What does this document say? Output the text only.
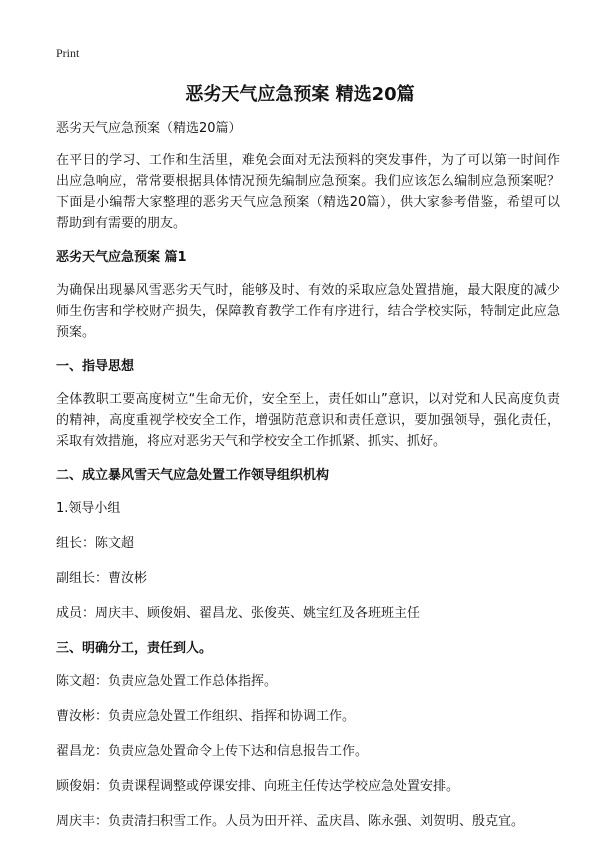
Print
恶劣天气应急预案 精选20篇

恶劣天气应急预案（精选20篇）

在平日的学习、工作和生活里，难免会面对无法预料的突发事件，为了可以第一时间作出应急响应，常常要根据具体情况预先编制应急预案。我们应该怎么编制应急预案呢？下面是小编帮大家整理的恶劣天气应急预案（精选20篇），供大家参考借鉴，希望可以帮助到有需要的朋友。

恶劣天气应急预案 篇1

为确保出现暴风雪恶劣天气时，能够及时、有效的采取应急处置措施，最大限度的减少师生伤害和学校财产损失，保障教育教学工作有序进行，结合学校实际，特制定此应急预案。

一、指导思想

全体教职工要高度树立“生命无价，安全至上，责任如山”意识，以对党和人民高度负责的精神，高度重视学校安全工作，增强防范意识和责任意识，要加强领导，强化责任，采取有效措施，将应对恶劣天气和学校安全工作抓紧、抓实、抓好。

二、成立暴风雪天气应急处置工作领导组织机构

1.领导小组

组长：陈文超

副组长：曹汝彬

成员：周庆丰、顾俊娟、翟昌龙、张俊英、姚宝红及各班班主任

三、明确分工，责任到人。

陈文超：负责应急处置工作总体指挥。

曹汝彬：负责应急处置工作组织、指挥和协调工作。

翟昌龙：负责应急处置命令上传下达和信息报告工作。

顾俊娟：负责课程调整或停课安排、向班主任传达学校应急处置安排。

周庆丰：负责清扫积雪工作。人员为田开祥、孟庆昌、陈永强、刘贺明、殷克宜。
